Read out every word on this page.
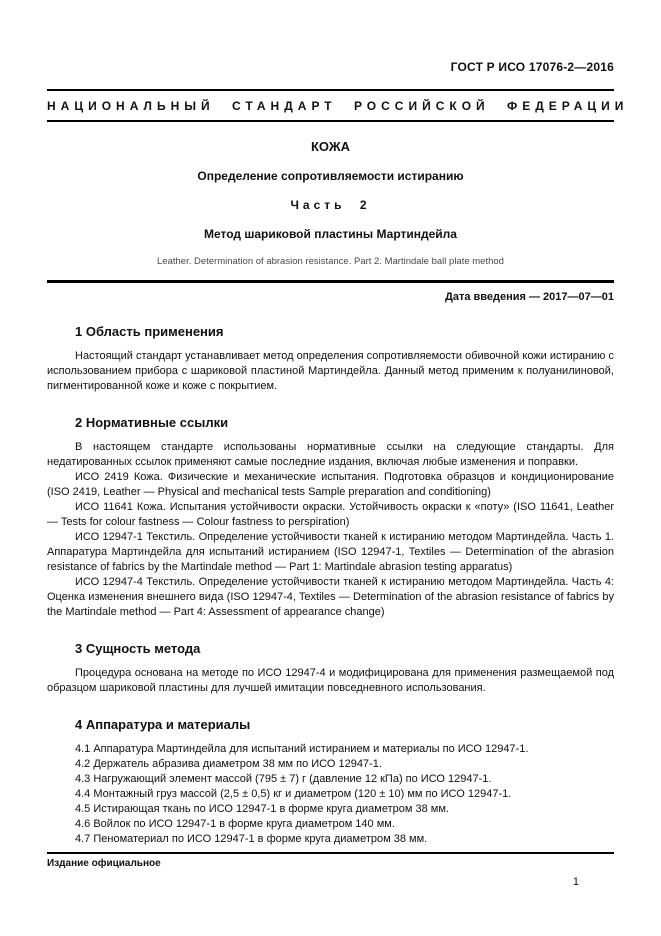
ГОСТ Р ИСО 17076-2—2016
НАЦИОНАЛЬНЫЙ СТАНДАРТ РОССИЙСКОЙ ФЕДЕРАЦИИ
КОЖА
Определение сопротивляемости истиранию
Часть 2
Метод шариковой пластины Мартиндейла
Leather. Determination of abrasion resistance. Part 2. Martindale ball plate method
Дата введения — 2017—07—01
1 Область применения

Настоящий стандарт устанавливает метод определения сопротивляемости обивочной кожи истиранию с использованием прибора с шариковой пластиной Мартиндейла. Данный метод применим к полуанилиновой, пигментированной коже и коже с покрытием.

2 Нормативные ссылки

В настоящем стандарте использованы нормативные ссылки на следующие стандарты. Для недатированных ссылок применяют самые последние издания, включая любые изменения и поправки.

ИСО 2419 Кожа. Физические и механические испытания. Подготовка образцов и кондиционирование (ISO 2419, Leather — Physical and mechanical tests Sample preparation and conditioning)

ИСО 11641 Кожа. Испытания устойчивости окраски. Устойчивость окраски к «поту» (ISO 11641, Leather — Tests for colour fastness — Colour fastness to perspiration)

ИСО 12947-1 Текстиль. Определение устойчивости тканей к истиранию методом Мартиндейла. Часть 1. Аппаратура Мартиндейла для испытаний истиранием (ISO 12947-1, Textiles — Determination of the abrasion resistance of fabrics by the Martindale method — Part 1: Martindale abrasion testing apparatus)

ИСО 12947-4 Текстиль. Определение устойчивости тканей к истиранию методом Мартиндейла. Часть 4: Оценка изменения внешнего вида (ISO 12947-4, Textiles — Determination of the abrasion resistance of fabrics by the Martindale method — Part 4: Assessment of appearance change)

3 Сущность метода

Процедура основана на методе по ИСО 12947-4 и модифицирована для применения размещаемой под образцом шариковой пластины для лучшей имитации повседневного использования.

4 Аппаратура и материалы

4.1 Аппаратура Мартиндейла для испытаний истиранием и материалы по ИСО 12947-1.

4.2 Держатель абразива диаметром 38 мм по ИСО 12947-1.

4.3 Нагружающий элемент массой (795 ± 7) г (давление 12 кПа) по ИСО 12947-1.

4.4 Монтажный груз массой (2,5 ± 0,5) кг и диаметром (120 ± 10) мм по ИСО 12947-1.

4.5 Истирающая ткань по ИСО 12947-1 в форме круга диаметром 38 мм.

4.6 Войлок по ИСО 12947-1 в форме круга диаметром 140 мм.

4.7 Пеноматериал по ИСО 12947-1 в форме круга диаметром 38 мм.

Издание официальное
1
